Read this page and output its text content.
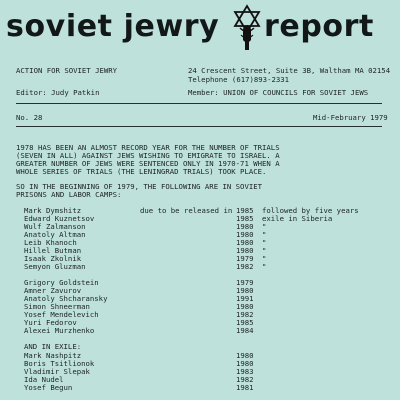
soviet jewry report
ACTION FOR SOVIET JEWRY	24 Crescent Street, Suite 3B, Waltham MA 02154
Telephone (617)893-2331
Editor: Judy Patkin	Member: UNION OF COUNCILS FOR SOVIET JEWS
No. 28	Mid-February 1979
1978 HAS BEEN AN ALMOST RECORD YEAR FOR THE NUMBER OF TRIALS
(SEVEN IN ALL) AGAINST JEWS WISHING TO EMIGRATE TO ISRAEL. A
GREATER NUMBER OF JEWS WERE SENTENCED ONLY IN 1970-71 WHEN A
WHOLE SERIES OF TRIALS (THE LENINGRAD TRIALS) TOOK PLACE.
SO IN THE BEGINNING OF 1979, THE FOLLOWING ARE IN SOVIET
PRISONS AND LABOR CAMPS:
Mark Dymshitz	due to be released in 1985	followed by five years
Edward Kuznetsov	1985	exile in Siberia
Wulf Zalmanson	1980	"
Anatoly Altman	1980	"
Leib Khanoch	1980	"
Hillel Butman	1980	"
Isaak Zkolnik	1979	"
Semyon Gluzman	1982	"
Grigory Goldstein	1979
Amner Zavurov	1980
Anatoly Shcharansky	1991
Simon Shneerman	1980
Yosef Mendelevich	1982
Yuri Fedorov	1985
Alexei Murzhenko	1984
AND IN EXILE:
Mark Nashpitz	1980
Boris Tsitlionok	1980
Vladimir Slepak	1983
Ida Nudel	1982
Yosef Begun	1981
